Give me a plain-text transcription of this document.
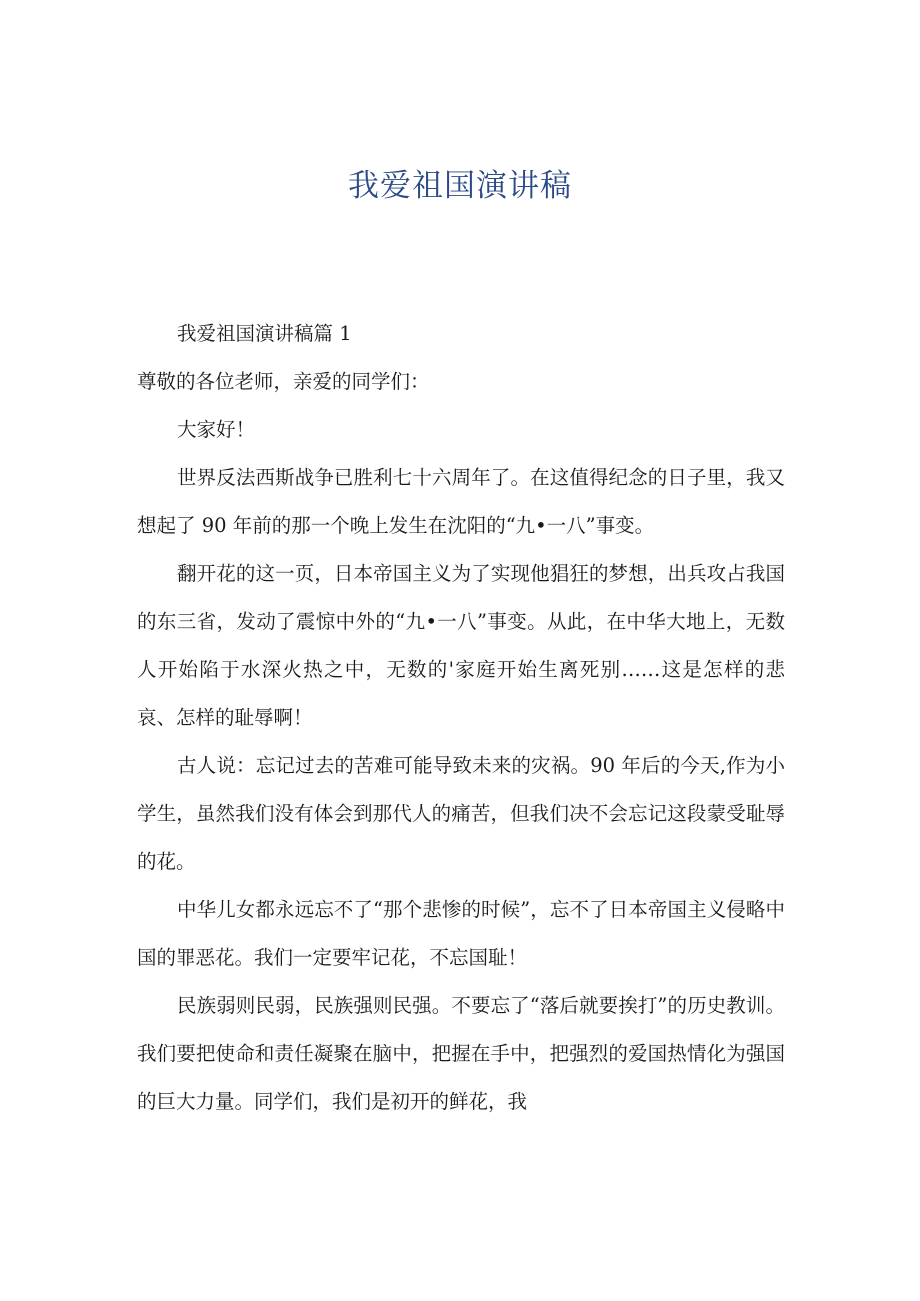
我爱祖国演讲稿

我爱祖国演讲稿篇 1

尊敬的各位老师，亲爱的同学们：

大家好！

世界反法西斯战争已胜利七十六周年了。在这值得纪念的日子里，我又想起了 90 年前的那一个晚上发生在沈阳的“九•一八”事变。

翻开花的这一页，日本帝国主义为了实现他猖狂的梦想，出兵攻占我国的东三省，发动了震惊中外的“九•一八”事变。从此，在中华大地上，无数人开始陷于水深火热之中，无数的'家庭开始生离死别……这是怎样的悲哀、怎样的耻辱啊！

古人说：忘记过去的苦难可能导致未来的灾祸。90 年后的今天,作为小学生，虽然我们没有体会到那代人的痛苦，但我们决不会忘记这段蒙受耻辱的花。

中华儿女都永远忘不了“那个悲惨的时候”，忘不了日本帝国主义侵略中国的罪恶花。我们一定要牢记花，不忘国耻！

民族弱则民弱，民族强则民强。不要忘了“落后就要挨打”的历史教训。我们要把使命和责任凝聚在脑中，把握在手中，把强烈的爱国热情化为强国的巨大力量。同学们，我们是初开的鲜花，我
